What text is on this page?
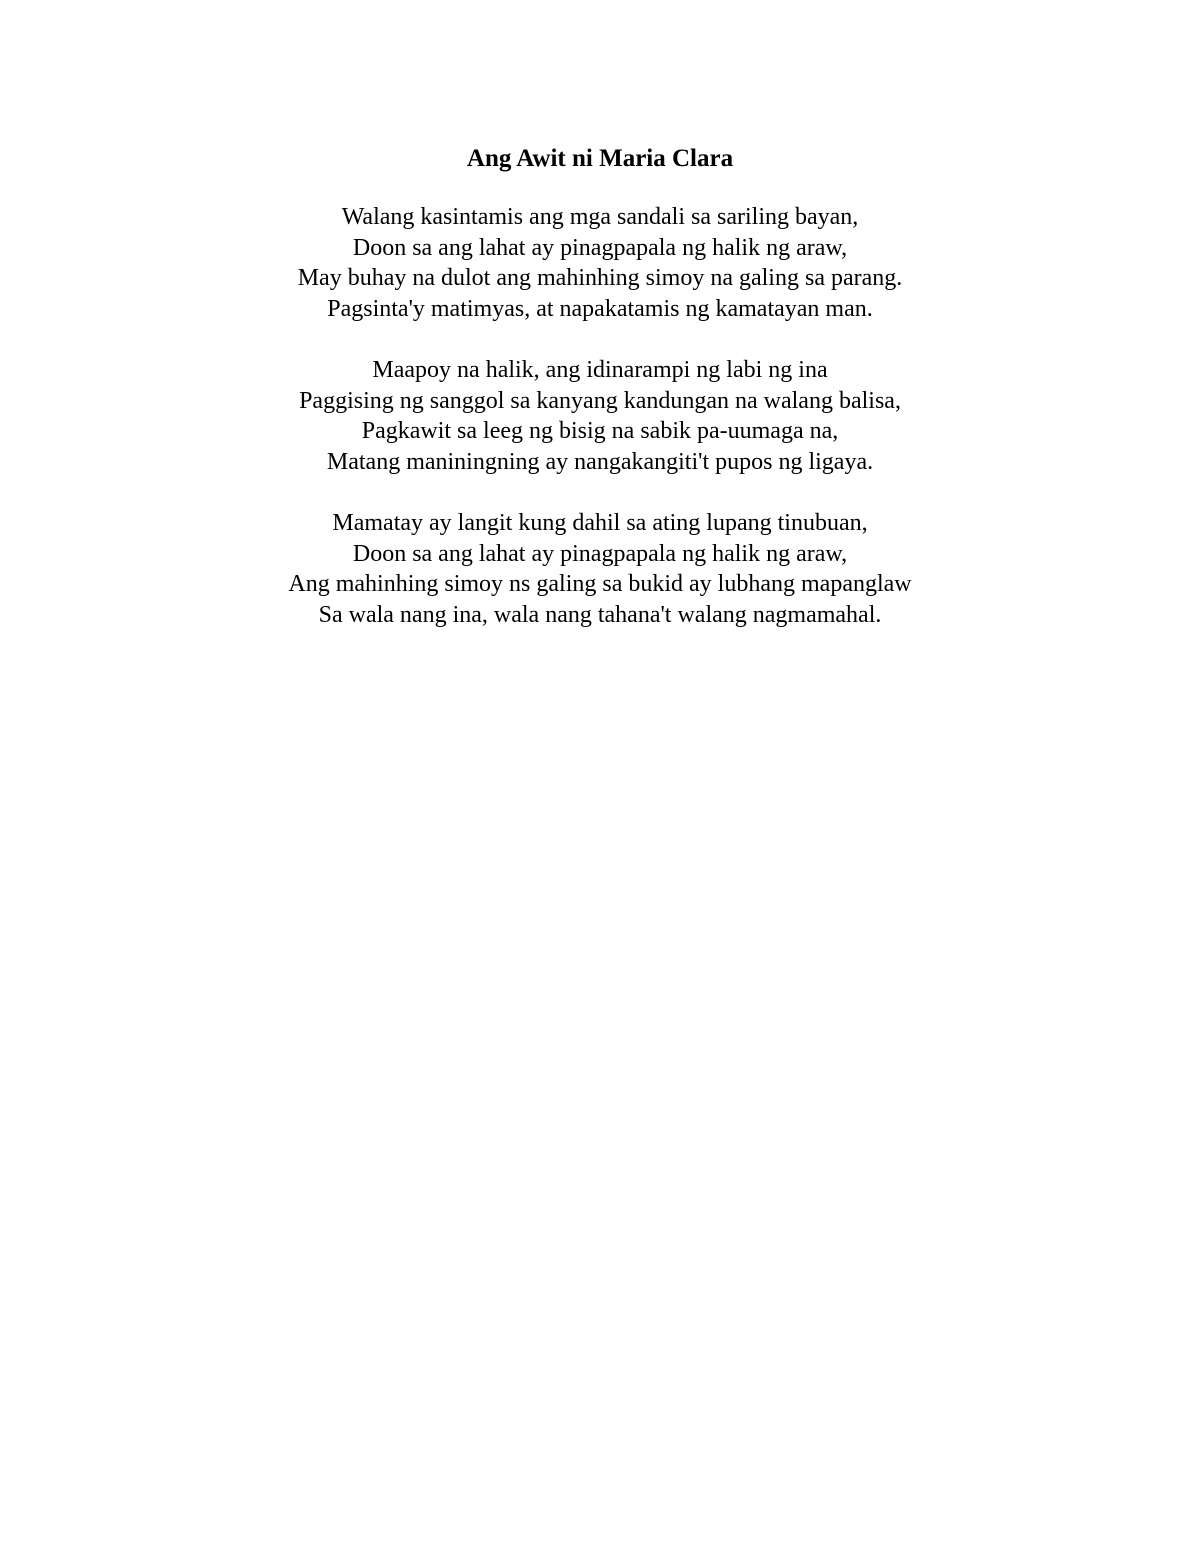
Ang Awit ni Maria Clara
Walang kasintamis ang mga sandali sa sariling bayan,
Doon sa ang lahat ay pinagpapala ng halik ng araw,
May buhay na dulot ang mahinhing simoy na galing sa parang.
Pagsinta'y matimyas, at napakatamis ng kamatayan man.
Maapoy na halik, ang idinarampi ng labi ng ina
Paggising ng sanggol sa kanyang kandungan na walang balisa,
Pagkawit sa leeg ng bisig na sabik pa-uumaga na,
Matang maniningning ay nangakangiti't pupos ng ligaya.
Mamatay ay langit kung dahil sa ating lupang tinubuan,
Doon sa ang lahat ay pinagpapala ng halik ng araw,
Ang mahinhing simoy ns galing sa bukid ay lubhang mapanglaw
Sa wala nang ina, wala nang tahana't walang nagmamahal.
